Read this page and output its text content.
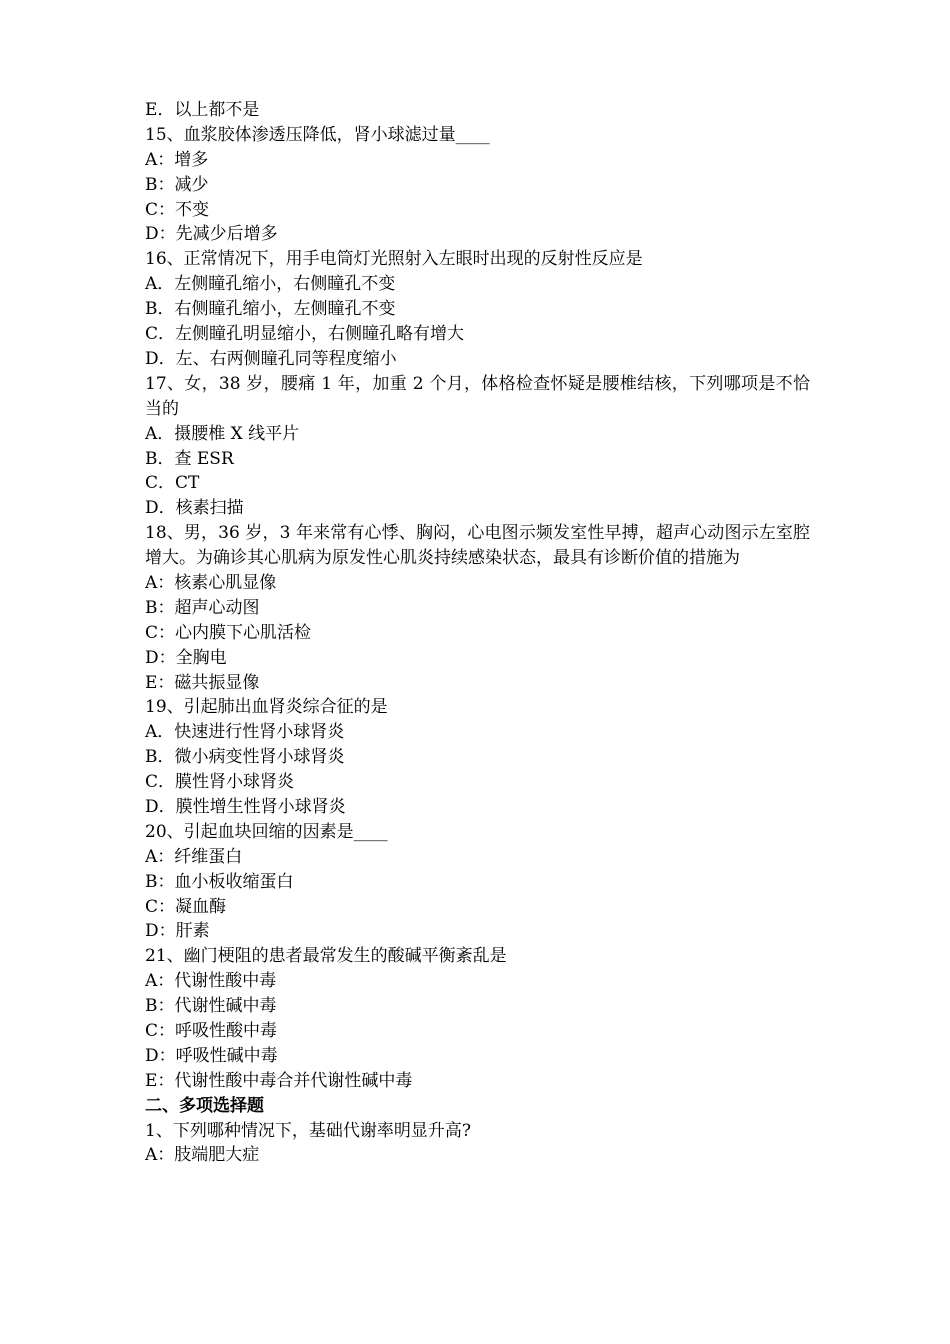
E．以上都不是
15、血浆胶体渗透压降低，肾小球滤过量____
A：增多
B：减少
C：不变
D：先减少后增多
16、正常情况下，用手电筒灯光照射入左眼时出现的反射性反应是
A．左侧瞳孔缩小，右侧瞳孔不变
B．右侧瞳孔缩小，左侧瞳孔不变
C．左侧瞳孔明显缩小，右侧瞳孔略有增大
D．左、右两侧瞳孔同等程度缩小
17、女，38 岁，腰痛 1 年，加重 2 个月，体格检查怀疑是腰椎结核，下列哪项是不恰当的
A．摄腰椎 X 线平片
B．查 ESR
C．CT
D．核素扫描
18、男，36 岁，3 年来常有心悸、胸闷，心电图示频发室性早搏，超声心动图示左室腔增大。为确诊其心肌病为原发性心肌炎持续感染状态，最具有诊断价值的措施为
A：核素心肌显像
B：超声心动图
C：心内膜下心肌活检
D：全胸电
E：磁共振显像
19、引起肺出血肾炎综合征的是
A．快速进行性肾小球肾炎
B．微小病变性肾小球肾炎
C．膜性肾小球肾炎
D．膜性增生性肾小球肾炎
20、引起血块回缩的因素是____
A：纤维蛋白
B：血小板收缩蛋白
C：凝血酶
D：肝素
21、幽门梗阻的患者最常发生的酸碱平衡紊乱是
A：代谢性酸中毒
B：代谢性碱中毒
C：呼吸性酸中毒
D：呼吸性碱中毒
E：代谢性酸中毒合并代谢性碱中毒
二、多项选择题
1、下列哪种情况下，基础代谢率明显升高?
A：肢端肥大症
